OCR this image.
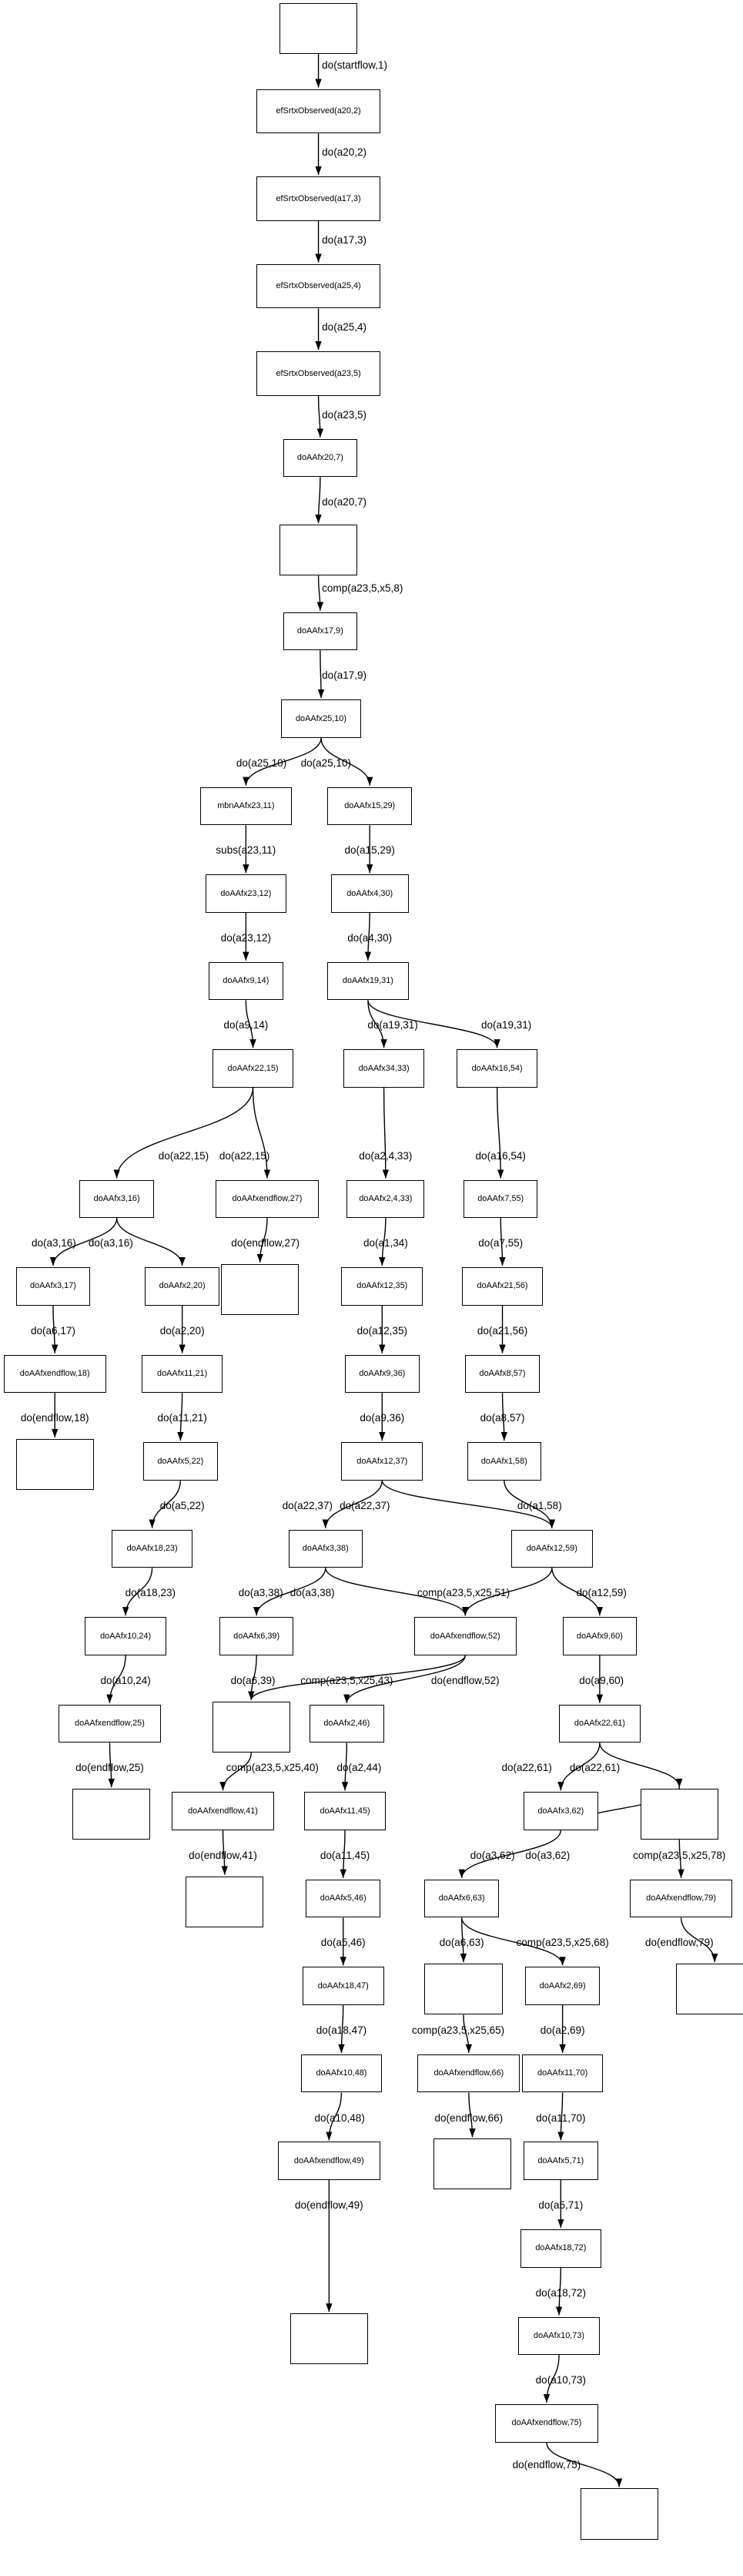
efSrtxObserved(a20,2)
efSrtxObserved(a17,3)
efSrtxObserved(a25,4)
efSrtxObserved(a23,5)
doAAfx20,7)
doAAfx17,9)
doAAfx25,10)
mbnAAfx23,11)	doAAfx15,29)
doAAfx23,12)	doAAfx4,30)
doAAfx9,14)	doAAfx19,31)
doAAfx22,15)	doAAfx34,33)	doAAfx16,54)
doAAfx3,16)	doAAfxendflow,27)	doAAfx2,4,33)	doAAfx7,55)
doAAfx3,17)	doAAfx2,20)	doAAfx12,35)	doAAfx21,56)
doAAfxendflow,18)	doAAfx11,21)	doAAfx9,36)	doAAfx8,57)
doAAfx5,22)	doAAfx12,37)	doAAfx1,58)
doAAfx18,23)	doAAfx3,38)	doAAfx12,59)
doAAfx10,24)	doAAfx6,39)	doAAfxendflow,52)	doAAfx9,60)
doAAfxendflow,25)	doAAfx2,46)	doAAfx22,61)
doAAfxendflow,41)	doAAfx11,45)	doAAfx3,62)
doAAfx5,46)	doAAfx6,63)	doAAfxendflow,79)
doAAfx18,47)	doAAfx2,69)
doAAfx10,48)	doAAfxendflow,66)	doAAfx11,70)
doAAfxendflow,49)	doAAfx5,71)
doAAfx18,72)
doAAfx10,73)
doAAfxendflow,75)
do(startflow,1)
do(a20,2)
do(a17,3)
do(a25,4)
do(a23,5)
do(a20,7)
comp(a23,5,x5,8)
do(a17,9)
do(a25,10) do(a25,10)
subs(a23,11)	do(a15,29)
do(a23,12)	do(a4,30)
do(a9,14)	do(a19,31)	do(a19,31)
do(a22,15) do(a22,15)	do(a2,4,33)	do(a16,54)
do(a3,16) do(a3,16)	do(endflow,27)	do(a1,34)	do(a7,55)
do(a6,17)	do(a2,20)	do(a12,35)	do(a21,56)
do(endflow,18)	do(a11,21)	do(a9,36)	do(a8,57)
do(a5,22)	do(a22,37) do(a22,37)	do(a1,58)
do(a18,23)	do(a3,38) do(a3,38)	comp(a23,5,x25,51)	do(a12,59)
do(a10,24)	do(a6,39) comp(a23,5,x25,43)	do(endflow,52)	do(a9,60)
do(endflow,25)	comp(a23,5,x25,40) do(a2,44)	do(a22,61) do(a22,61)
do(endflow,41)	do(a11,45)	do(a3,62) do(a3,62)	comp(a23,5,x25,78)
do(a5,46)	do(a6,63)	do(endflow,79)
comp(a23,5,x25,68)
do(a18,47)	comp(a23,5,x25,65)	do(a2,69)
do(a10,48)	do(endflow,66)	do(a11,70)
do(endflow,49)	do(a5,71)
do(a18,72)
do(a10,73)
do(endflow,75)
